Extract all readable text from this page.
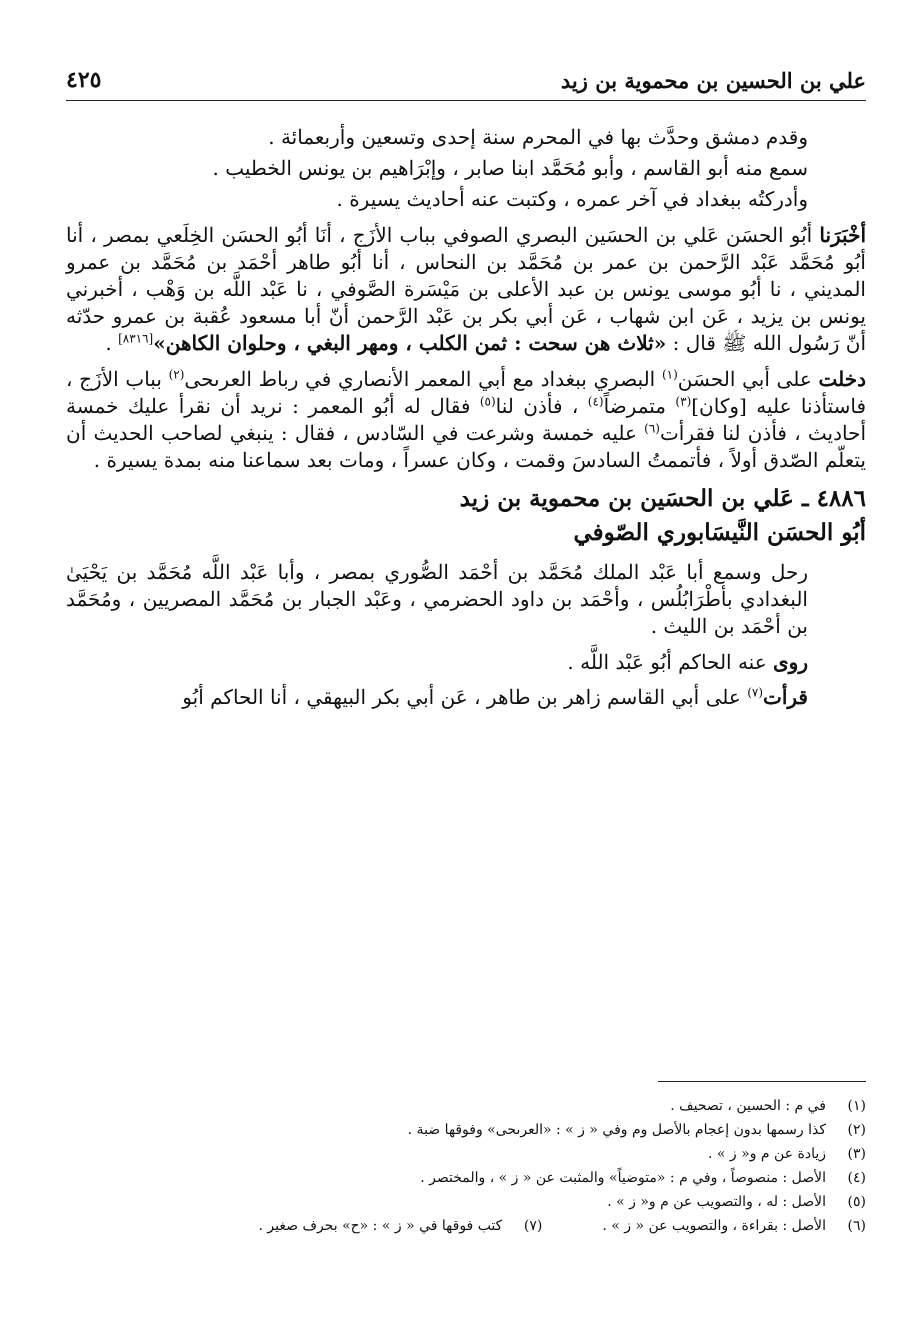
علي بن الحسين بن محموية بن زيد
٤٢٥

وقدم دمشق وحدَّث بها في المحرم سنة إحدى وتسعين وأربعمائة .

سمع منه أبو القاسم ، وأبو مُحَمَّد ابنا صابر ، وإبْرَاهيم بن يونس الخطيب .

وأدركتُه ببغداد في آخر عمره ، وكتبت عنه أحاديث يسيرة .

أخْبَرَنا أبُو الحسَن عَلي بن الحسَين البصري الصوفي بباب الأزَج ، أنَا أبُو الحسَن الخِلَعي بمصر ، أنا أبُو مُحَمَّد عَبْد الرَّحمن بن عمر بن مُحَمَّد بن النحاس ، أنا أبُو طاهر أحْمَد بن مُحَمَّد بن عمرو المديني ، نا أبُو موسى يونس بن عبد الأعلى بن مَيْسَرة الصَّوفي ، نا عَبْد اللَّه بن وَهْب ، أخبرني يونس بن يزيد ، عَن ابن شهاب ، عَن أبي بكر بن عَبْد الرَّحمن أنّ أبا مسعود عُقبة بن عمرو حدّثه أنّ رَسُول الله ﷺ قال : «ثلاث هن سحت : ثمن الكلب ، ومهر البغي ، وحلوان الكاهن»[٨٣١٦] .

دخلت على أبي الحسَن$^{(١)}$ البصري ببغداد مع أبي المعمر الأنصاري في رباط العرىحى$^{(٢)}$ بباب الأزَج ، فاستأذنا عليه [وكان]$^{(٣)}$ متمرضاً$^{(٤)}$ ، فأذن لنا$^{(٥)}$ فقال له أبُو المعمر : نريد أن نقرأ عليك خمسة أحاديث ، فأذن لنا فقرأت$^{(٦)}$ عليه خمسة وشرعت في السّادس ، فقال : ينبغي لصاحب الحديث أن يتعلّم الصّدق أولاً ، فأتممتُ السادسَ وقمت ، وكان عسراً ، ومات بعد سماعنا منه بمدة يسيرة .

٤٨٨٦ ـ عَلي بن الحسَين بن محموية بن زيد
أبُو الحسَن النَّيسَابوري الصّوفي

رحل وسمع أبا عَبْد الملك مُحَمَّد بن أحْمَد الصُّوري بمصر ، وأبا عَبْد اللَّه مُحَمَّد بن يَحْيَىٰ البغدادي بأطْرَابُلُس ، وأحْمَد بن داود الحضرمي ، وعَبْد الجبار بن مُحَمَّد المصريين ، ومُحَمَّد بن أحْمَد بن الليث .

روى عنه الحاكم أبُو عَبْد اللَّه .

قرأت$^{(٧)}$ على أبي القاسم زاهر بن طاهر ، عَن أبي بكر البيهقي ، أنا الحاكم أبُو

(١)
في م : الحسين ، تصحيف .
(٢)
كذا رسمها بدون إعجام بالأصل وم وفي « ز » : «العرىحى» وفوقها ضبة .
(٣)
زيادة عن م و« ز » .
(٤)
الأصل : منصوصاً ، وفي م : «متوضياً» والمثبت عن « ز » ، والمختصر .
(٥)
الأصل : له ، والتصويب عن م و« ز » .
(٦)
الأصل : بقراءة ، والتصويب عن « ز » .
(٧)
كتب فوقها في « ز » : «ح» بحرف صغير .
